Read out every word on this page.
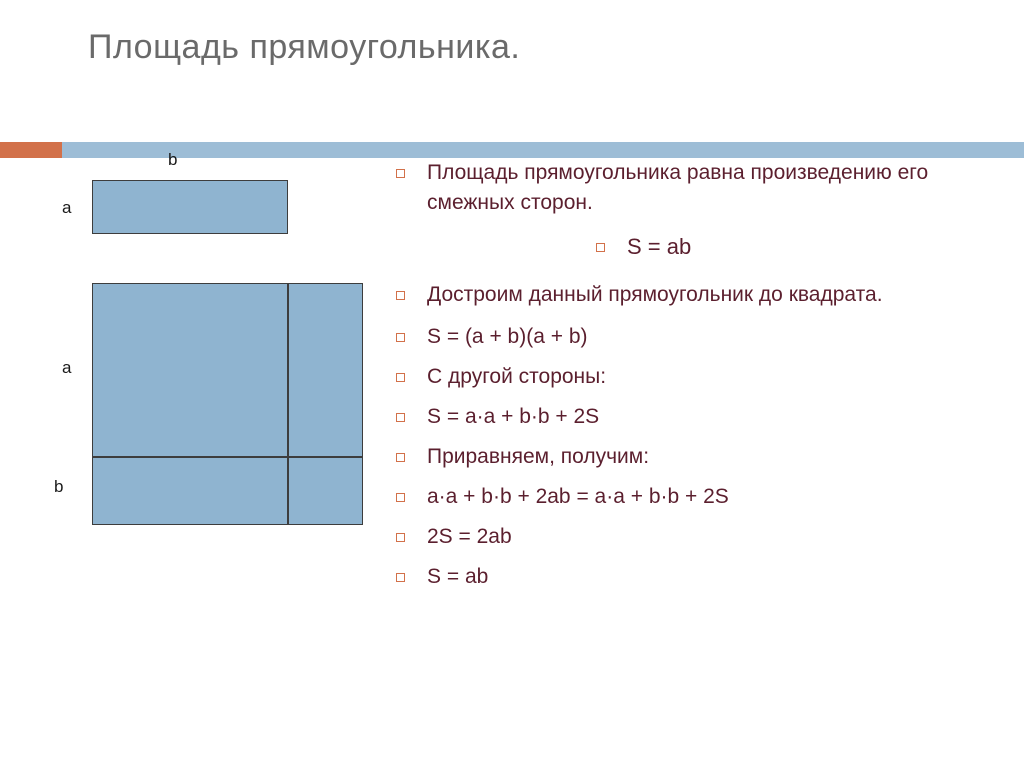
Площадь прямоугольника.
b
a
a
b
Площадь прямоугольника равна произведению его смежных сторон.
S = ab
Достроим данный прямоугольник до квадрата.
S = (a + b)(a + b)
С другой стороны:
S = a·a + b·b + 2S
Приравняем, получим:
a·a + b·b + 2ab = a·a + b·b + 2S
2S = 2ab
S = ab
